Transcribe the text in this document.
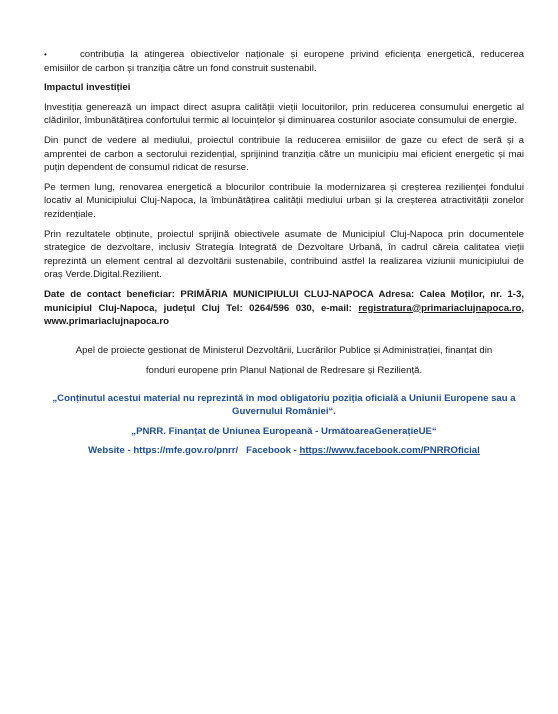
•	contribuția la atingerea obiectivelor naționale și europene privind eficiența energetică, reducerea emisiilor de carbon și tranziția către un fond construit sustenabil.
Impactul investiției

Investiția generează un impact direct asupra calității vieții locuitorilor, prin reducerea consumului energetic al clădirilor, îmbunătățirea confortului termic al locuințelor și diminuarea costurilor asociate consumului de energie.

Din punct de vedere al mediului, proiectul contribuie la reducerea emisiilor de gaze cu efect de seră și a amprentei de carbon a sectorului rezidențial, sprijinind tranziția către un municipiu mai eficient energetic și mai puțin dependent de consumul ridicat de resurse.

Pe termen lung, renovarea energetică a blocurilor contribuie la modernizarea și creșterea rezilienței fondului locativ al Municipiului Cluj-Napoca, la îmbunătățirea calității mediului urban și la creșterea atractivității zonelor rezidențiale.

Prin rezultatele obținute, proiectul sprijină obiectivele asumate de Municipiul Cluj-Napoca prin documentele strategice de dezvoltare, inclusiv Strategia Integrată de Dezvoltare Urbană, în cadrul căreia calitatea vieții reprezintă un element central al dezvoltării sustenabile, contribuind astfel la realizarea viziunii municipiului de oraș Verde.Digital.Rezilient.

Date de contact beneficiar: PRIMĂRIA MUNICIPIULUI CLUJ-NAPOCA Adresa: Calea Moților, nr. 1-3, municipiul Cluj-Napoca, județul Cluj Tel: 0264/596 030, e-mail: registratura@primariaclujnapoca.ro, www.primariaclujnapoca.ro

Apel de proiecte gestionat de Ministerul Dezvoltării, Lucrărilor Publice și Administrației, finanțat din

fonduri europene prin Planul Național de Redresare și Reziliență.

„Conținutul acestui material nu reprezintă în mod obligatoriu poziția oficială a Uniunii Europene sau a Guvernului României“.

„PNRR. Finanțat de Uniunea Europeană - UrmătoareaGenerațieUE“

Website - https://mfe.gov.ro/pnrr/ Facebook - https://www.facebook.com/PNRROficial
